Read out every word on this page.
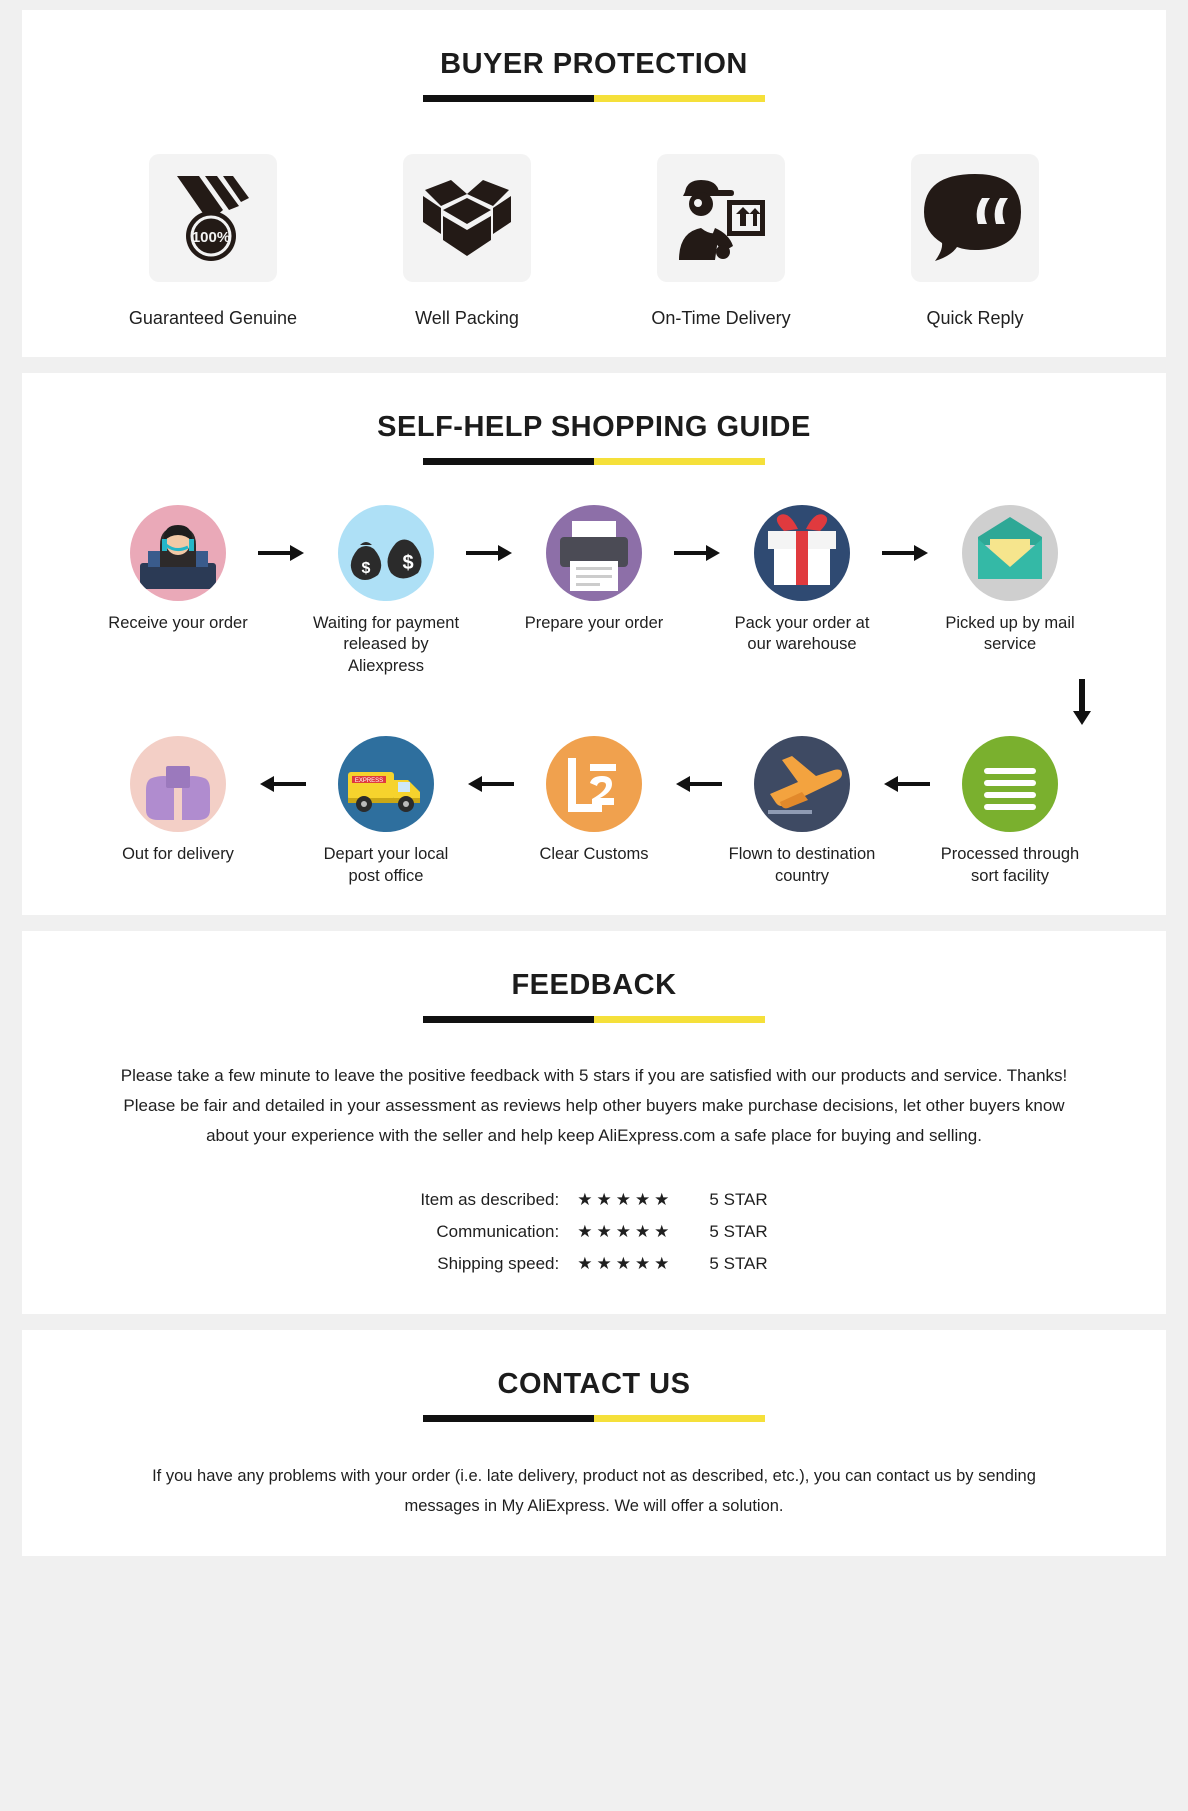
BUYER PROTECTION
100%
Guaranteed Genuine	Well Packing	On-Time Delivery	Quick Reply
SELF-HELP SHOPPING GUIDE
Receive your order
$ $
Waiting for payment released by Aliexpress
Prepare your order	Pack your order at our warehouse
Picked up by mail service
Out for delivery
EXPRESS
Depart your local post office
Clear Customs	Flown to destination country
Processed through sort facility
FEEDBACK

Please take a few minute to leave the positive feedback with 5 stars if you are satisfied with our products and service. Thanks! Please be fair and detailed in your assessment as reviews help other buyers make purchase decisions, let other buyers know about your experience with the seller and help keep AliExpress.com a safe place for buying and selling.

Item as described:	★★★★★	5 STAR
Communication:	★★★★★	5 STAR
Shipping speed:	★★★★★	5 STAR
CONTACT US

If you have any problems with your order (i.e. late delivery, product not as described, etc.), you can contact us by sending messages in My AliExpress. We will offer a solution.
